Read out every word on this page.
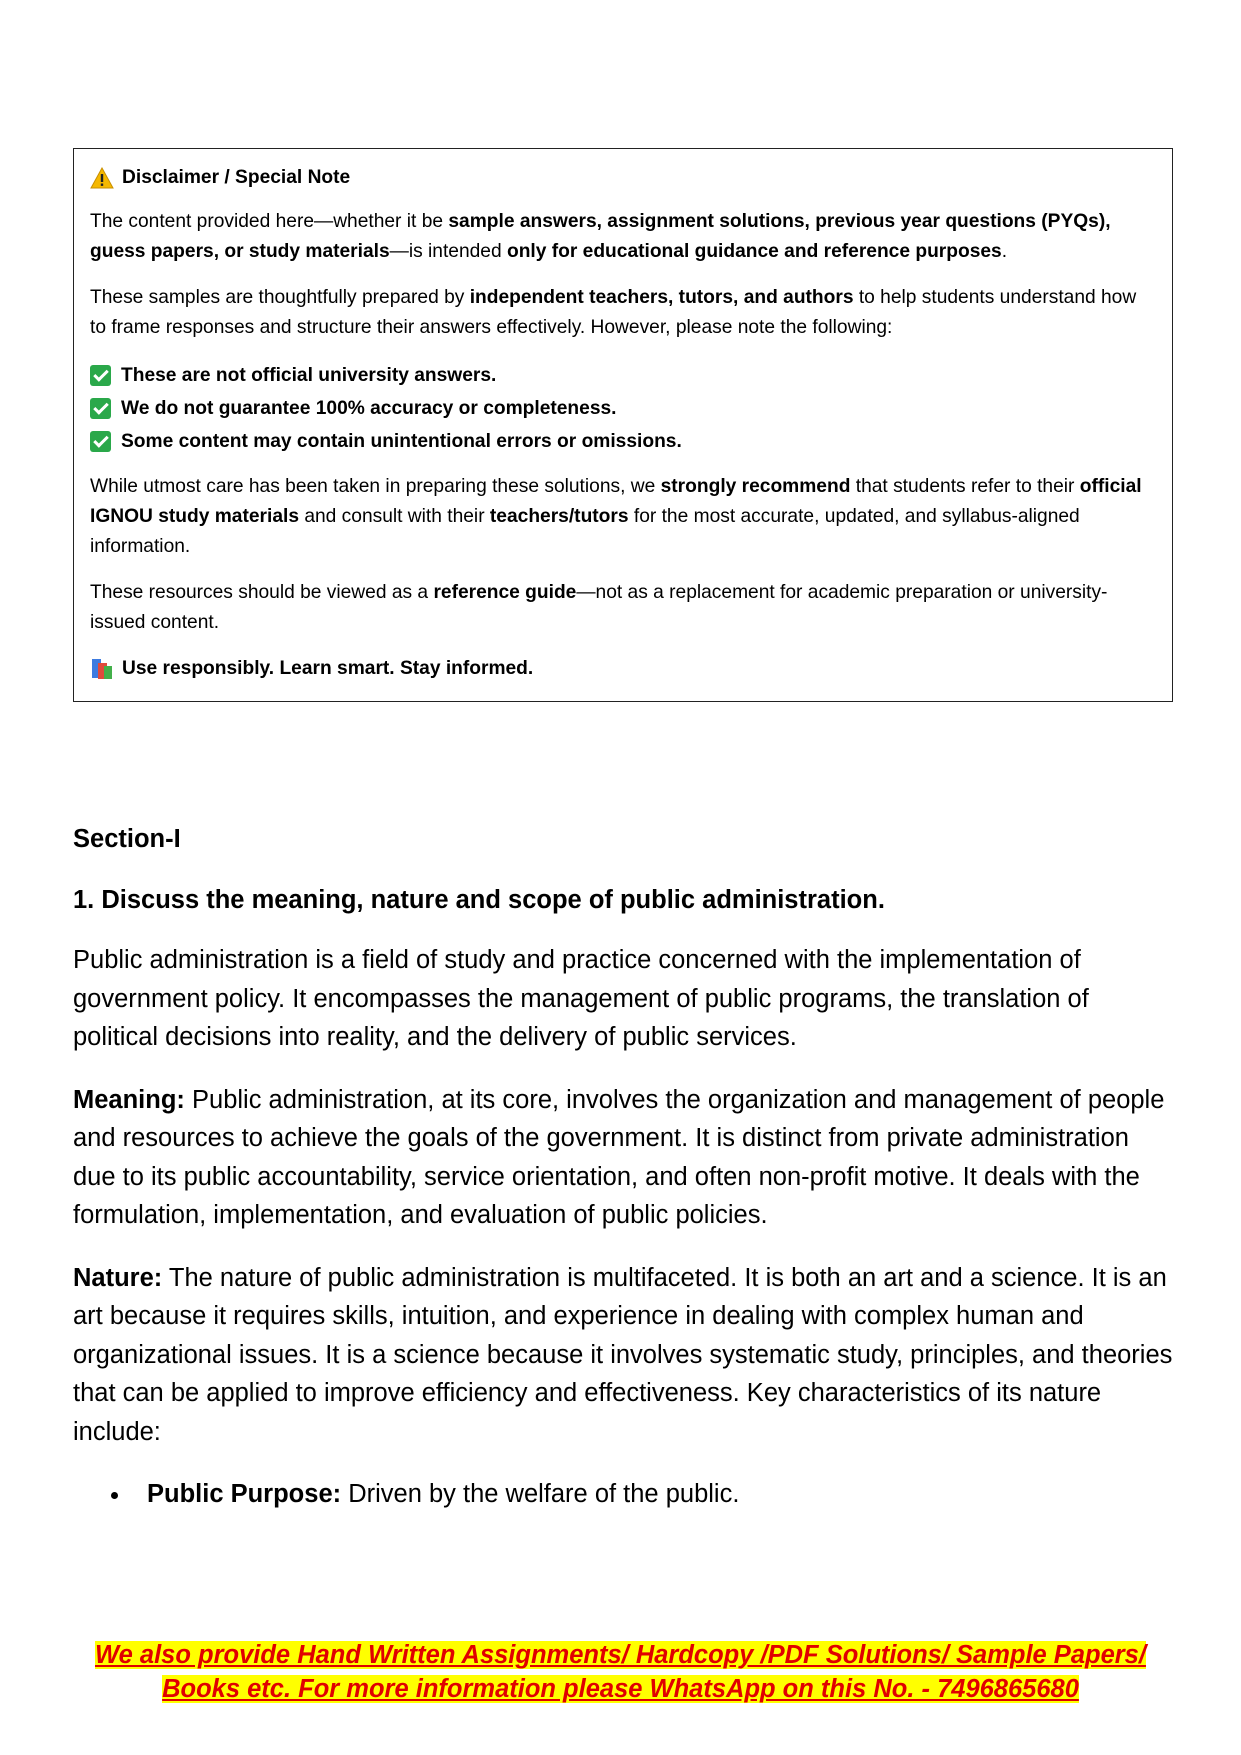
Disclaimer / Special Note

The content provided here—whether it be sample answers, assignment solutions, previous year questions (PYQs), guess papers, or study materials—is intended only for educational guidance and reference purposes.

These samples are thoughtfully prepared by independent teachers, tutors, and authors to help students understand how to frame responses and structure their answers effectively. However, please note the following:

These are not official university answers.
We do not guarantee 100% accuracy or completeness.
Some content may contain unintentional errors or omissions.

While utmost care has been taken in preparing these solutions, we strongly recommend that students refer to their official IGNOU study materials and consult with their teachers/tutors for the most accurate, updated, and syllabus-aligned information.

These resources should be viewed as a reference guide—not as a replacement for academic preparation or university-issued content.

Use responsibly. Learn smart. Stay informed.

Section-I

1. Discuss the meaning, nature and scope of public administration.

Public administration is a field of study and practice concerned with the implementation of government policy. It encompasses the management of public programs, the translation of political decisions into reality, and the delivery of public services.

Meaning: Public administration, at its core, involves the organization and management of people and resources to achieve the goals of the government. It is distinct from private administration due to its public accountability, service orientation, and often non-profit motive. It deals with the formulation, implementation, and evaluation of public policies.

Nature: The nature of public administration is multifaceted. It is both an art and a science. It is an art because it requires skills, intuition, and experience in dealing with complex human and organizational issues. It is a science because it involves systematic study, principles, and theories that can be applied to improve efficiency and effectiveness. Key characteristics of its nature include:

Public Purpose: Driven by the welfare of the public.
We also provide Hand Written Assignments/ Hardcopy /PDF Solutions/ Sample Papers/
Books etc. For more information please WhatsApp on this No. - 7496865680
